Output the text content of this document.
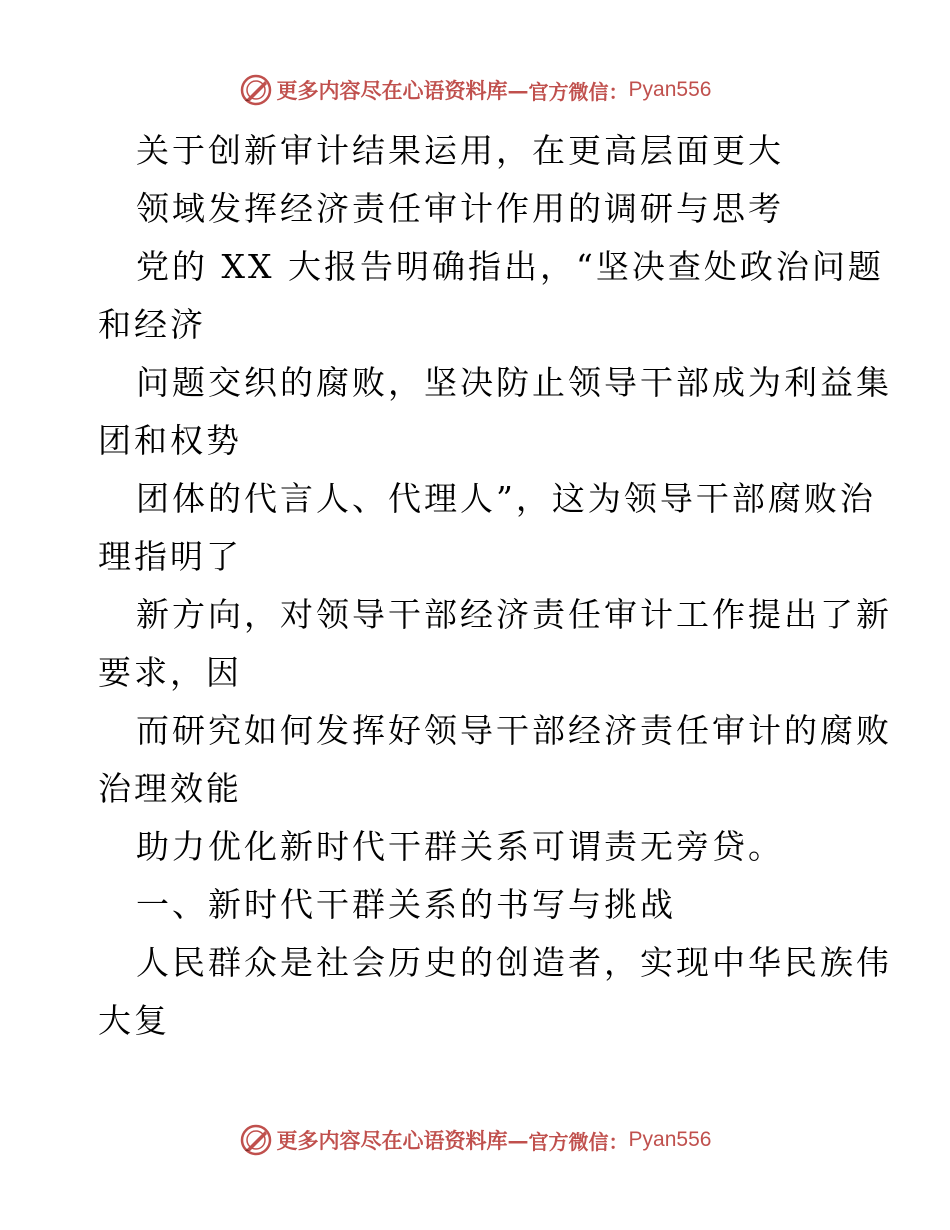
更多内容尽在心语资料库 — 官方微信： Pyan556
关于创新审计结果运用，在更高层面更大
领域发挥经济责任审计作用的调研与思考
党的 XX 大报告明确指出，“坚决查处政治问题
和经济
问题交织的腐败，坚决防止领导干部成为利益集
团和权势
团体的代言人、代理人”，这为领导干部腐败治
理指明了
新方向，对领导干部经济责任审计工作提出了新
要求，因
而研究如何发挥好领导干部经济责任审计的腐败
治理效能
助力优化新时代干群关系可谓责无旁贷。
一、新时代干群关系的书写与挑战
人民群众是社会历史的创造者，实现中华民族伟
大复
更多内容尽在心语资料库 — 官方微信： Pyan556
